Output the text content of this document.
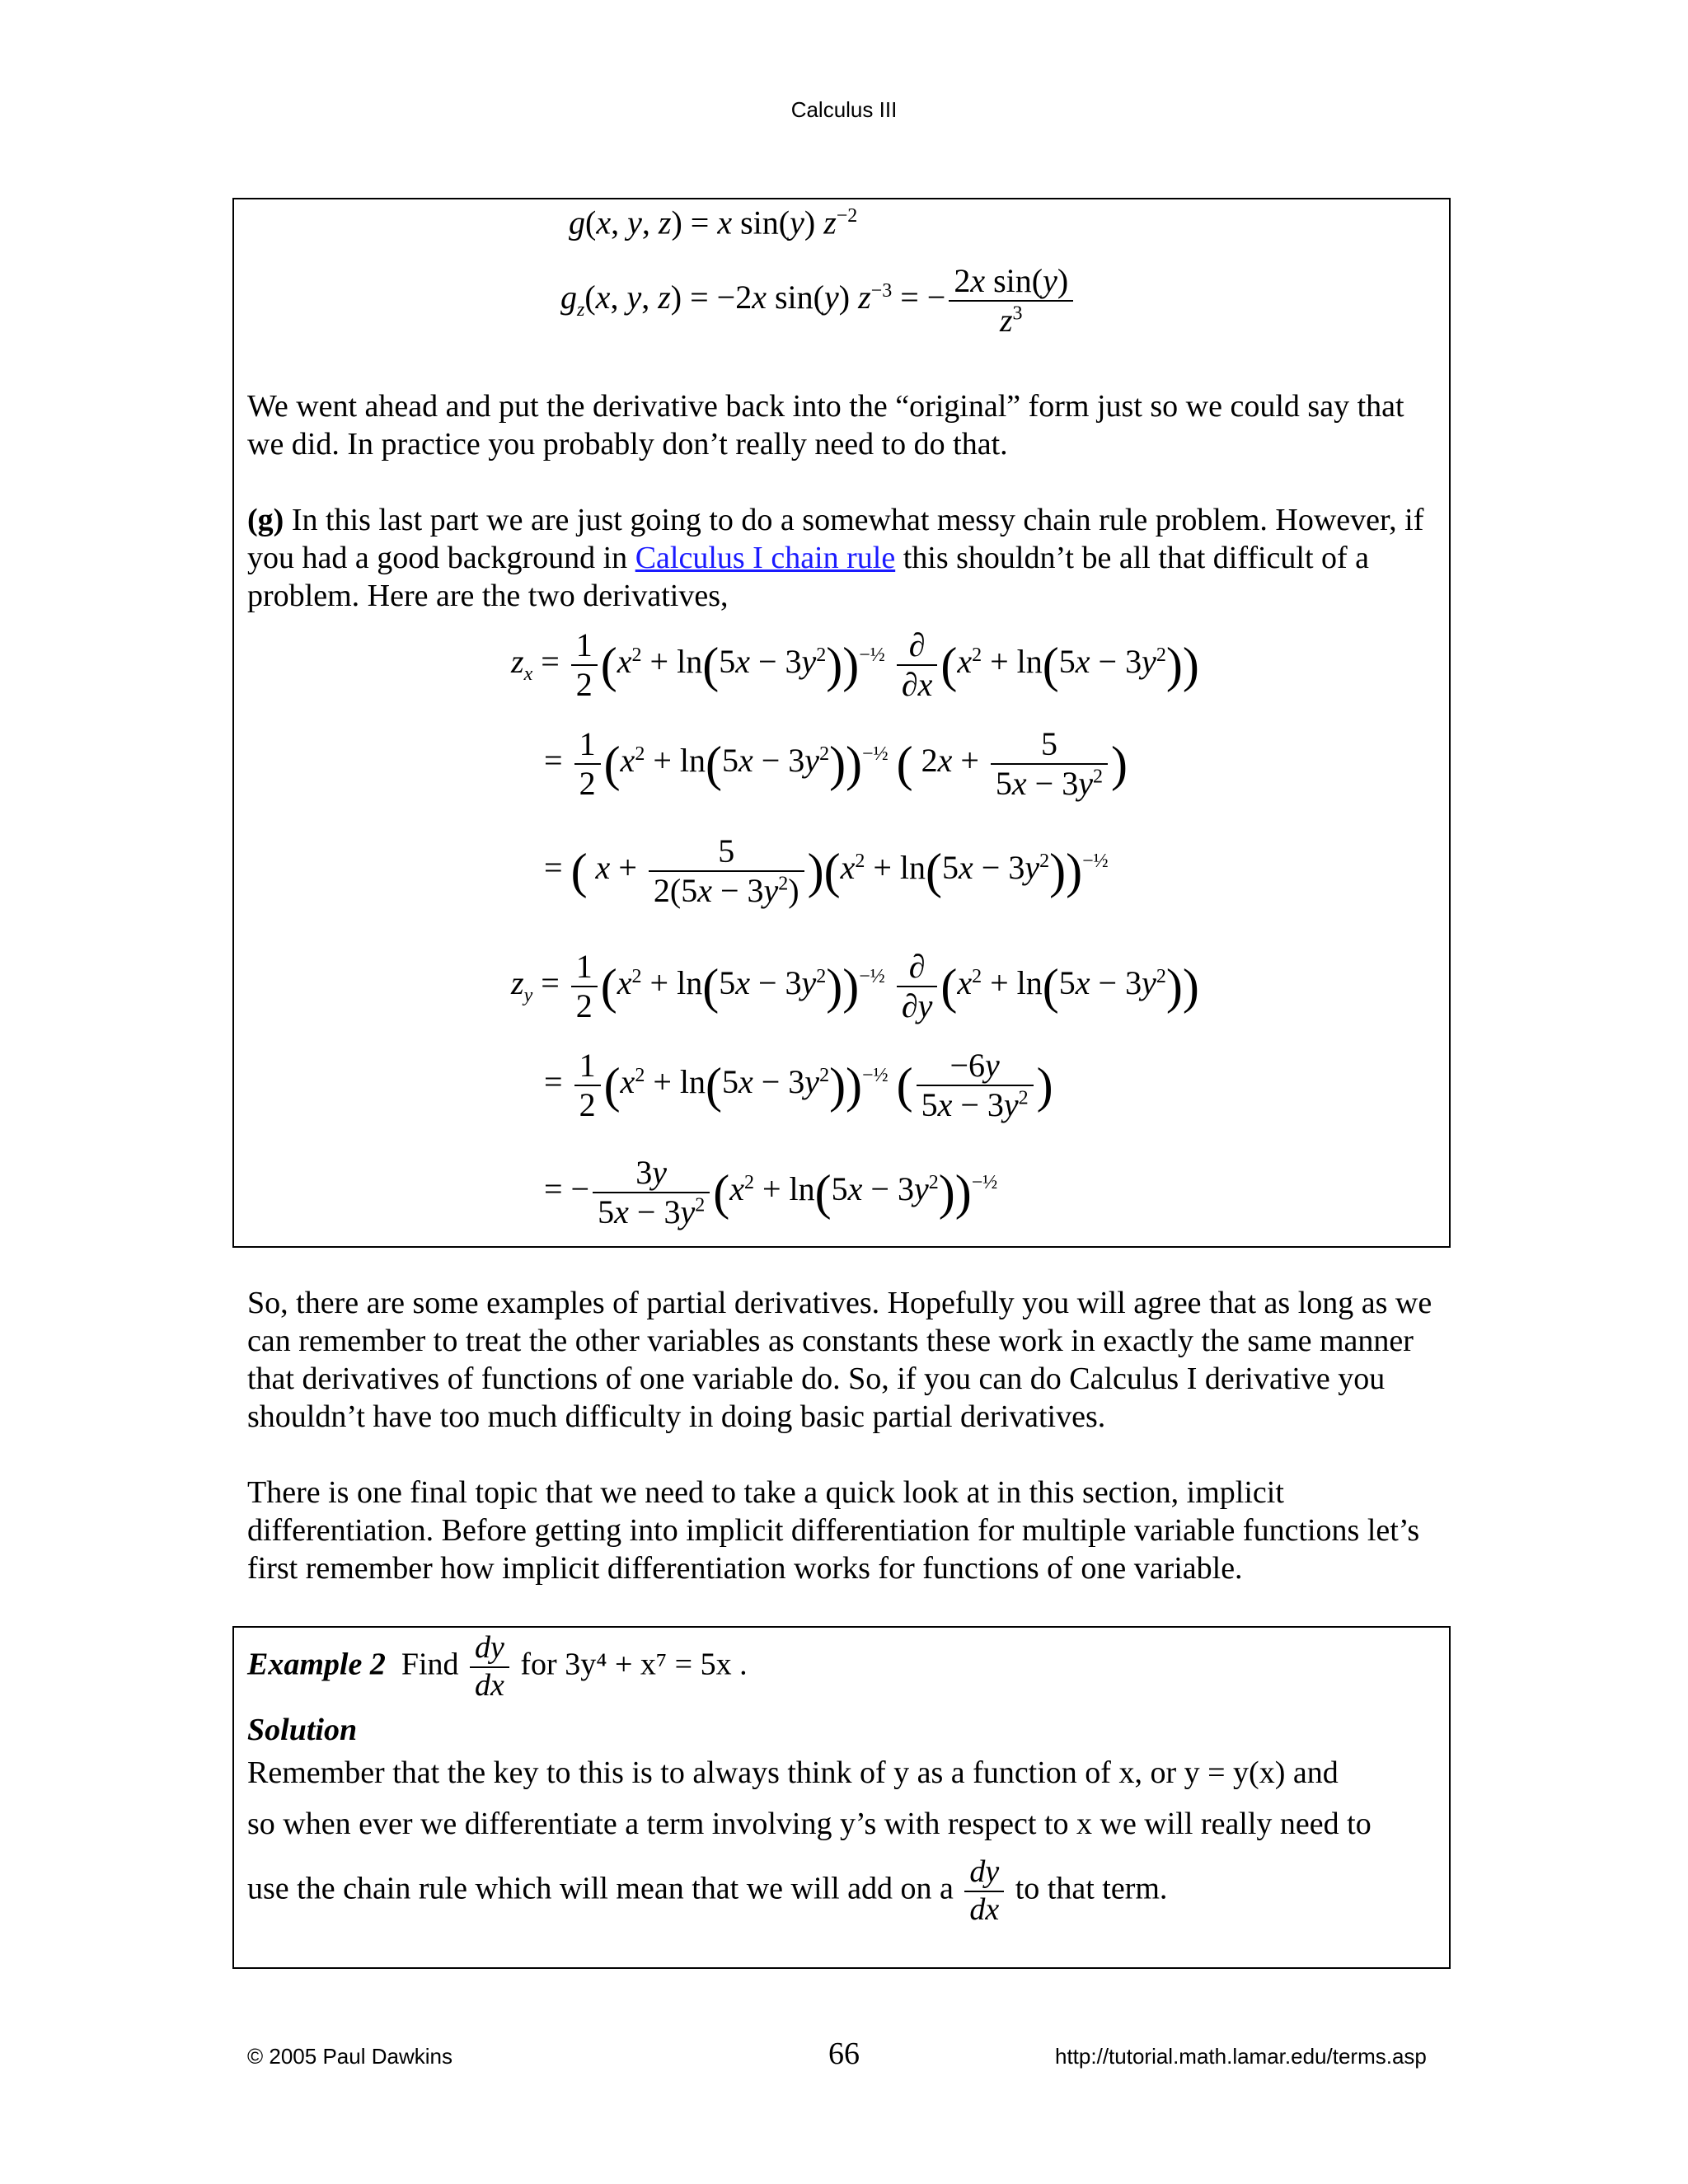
Calculus III
g(x, y, z) = x sin(y) $z^{-2}$
$g_z(x$, y, z) = −2x sin(y) $z^{-3}$ = − $\frac{\text{2x sin(y)}}{z^3}$

We went ahead and put the derivative back into the “original” form just so we could say that we did. In practice you probably don’t really need to do that.

(g) In this last part we are just going to do a somewhat messy chain rule problem. However, if you had a good background in Calculus I chain rule this shouldn’t be all that difficult of a problem. Here are the two derivatives,

$z_x = \frac{1}{2} (x^2 + \ln(5x - 3y^2))^{-\frac{1}{2}} \frac{\partial}{\partial x} (x^2 + \ln(5x - 3y^2))$
= $\frac{1}{2} (x^2 + \ln(5x - 3y^2))^{-\frac{1}{2}}$ ( $2x + \frac{5}{5x - 3y^2}$ )
= ( $x + \frac{5}{2(5x - 3y^2)} )(x^2 + \ln(5x - 3y^2))^{-\frac{1}{2}}$
$z_y = \frac{1}{2} (x^2 + \ln(5x - 3y^2))^{-\frac{1}{2}} \frac{\partial}{\partial y} (x^2 + \ln(5x - 3y^2))$
= $\frac{1}{2} (x^2 + \ln(5x - 3y^2))^{-\frac{1}{2}}$ ( $\frac{-6y}{5x - 3y^2}$ )
= − $\frac{3y}{5x - 3y^2} (x^2 + \ln(5x - 3y^2))^{-\frac{1}{2}}$

So, there are some examples of partial derivatives. Hopefully you will agree that as long as we can remember to treat the other variables as constants these work in exactly the same manner that derivatives of functions of one variable do. So, if you can do Calculus I derivative you shouldn’t have too much difficulty in doing basic partial derivatives.

There is one final topic that we need to take a quick look at in this section, implicit differentiation. Before getting into implicit differentiation for multiple variable functions let’s first remember how implicit differentiation works for functions of one variable.

Example 2 Find $\frac{dy}{dx}$ for 3y⁴ + x⁷ = 5x .
Solution

Remember that the key to this is to always think of y as a function of x, or y = y(x) and

so when ever we differentiate a term involving y’s with respect to x we will really need to

use the chain rule which will mean that we will add on a $\frac{dy}{dx}$ to that term.
© 2005 Paul Dawkins	66	http://tutorial.math.lamar.edu/terms.asp
